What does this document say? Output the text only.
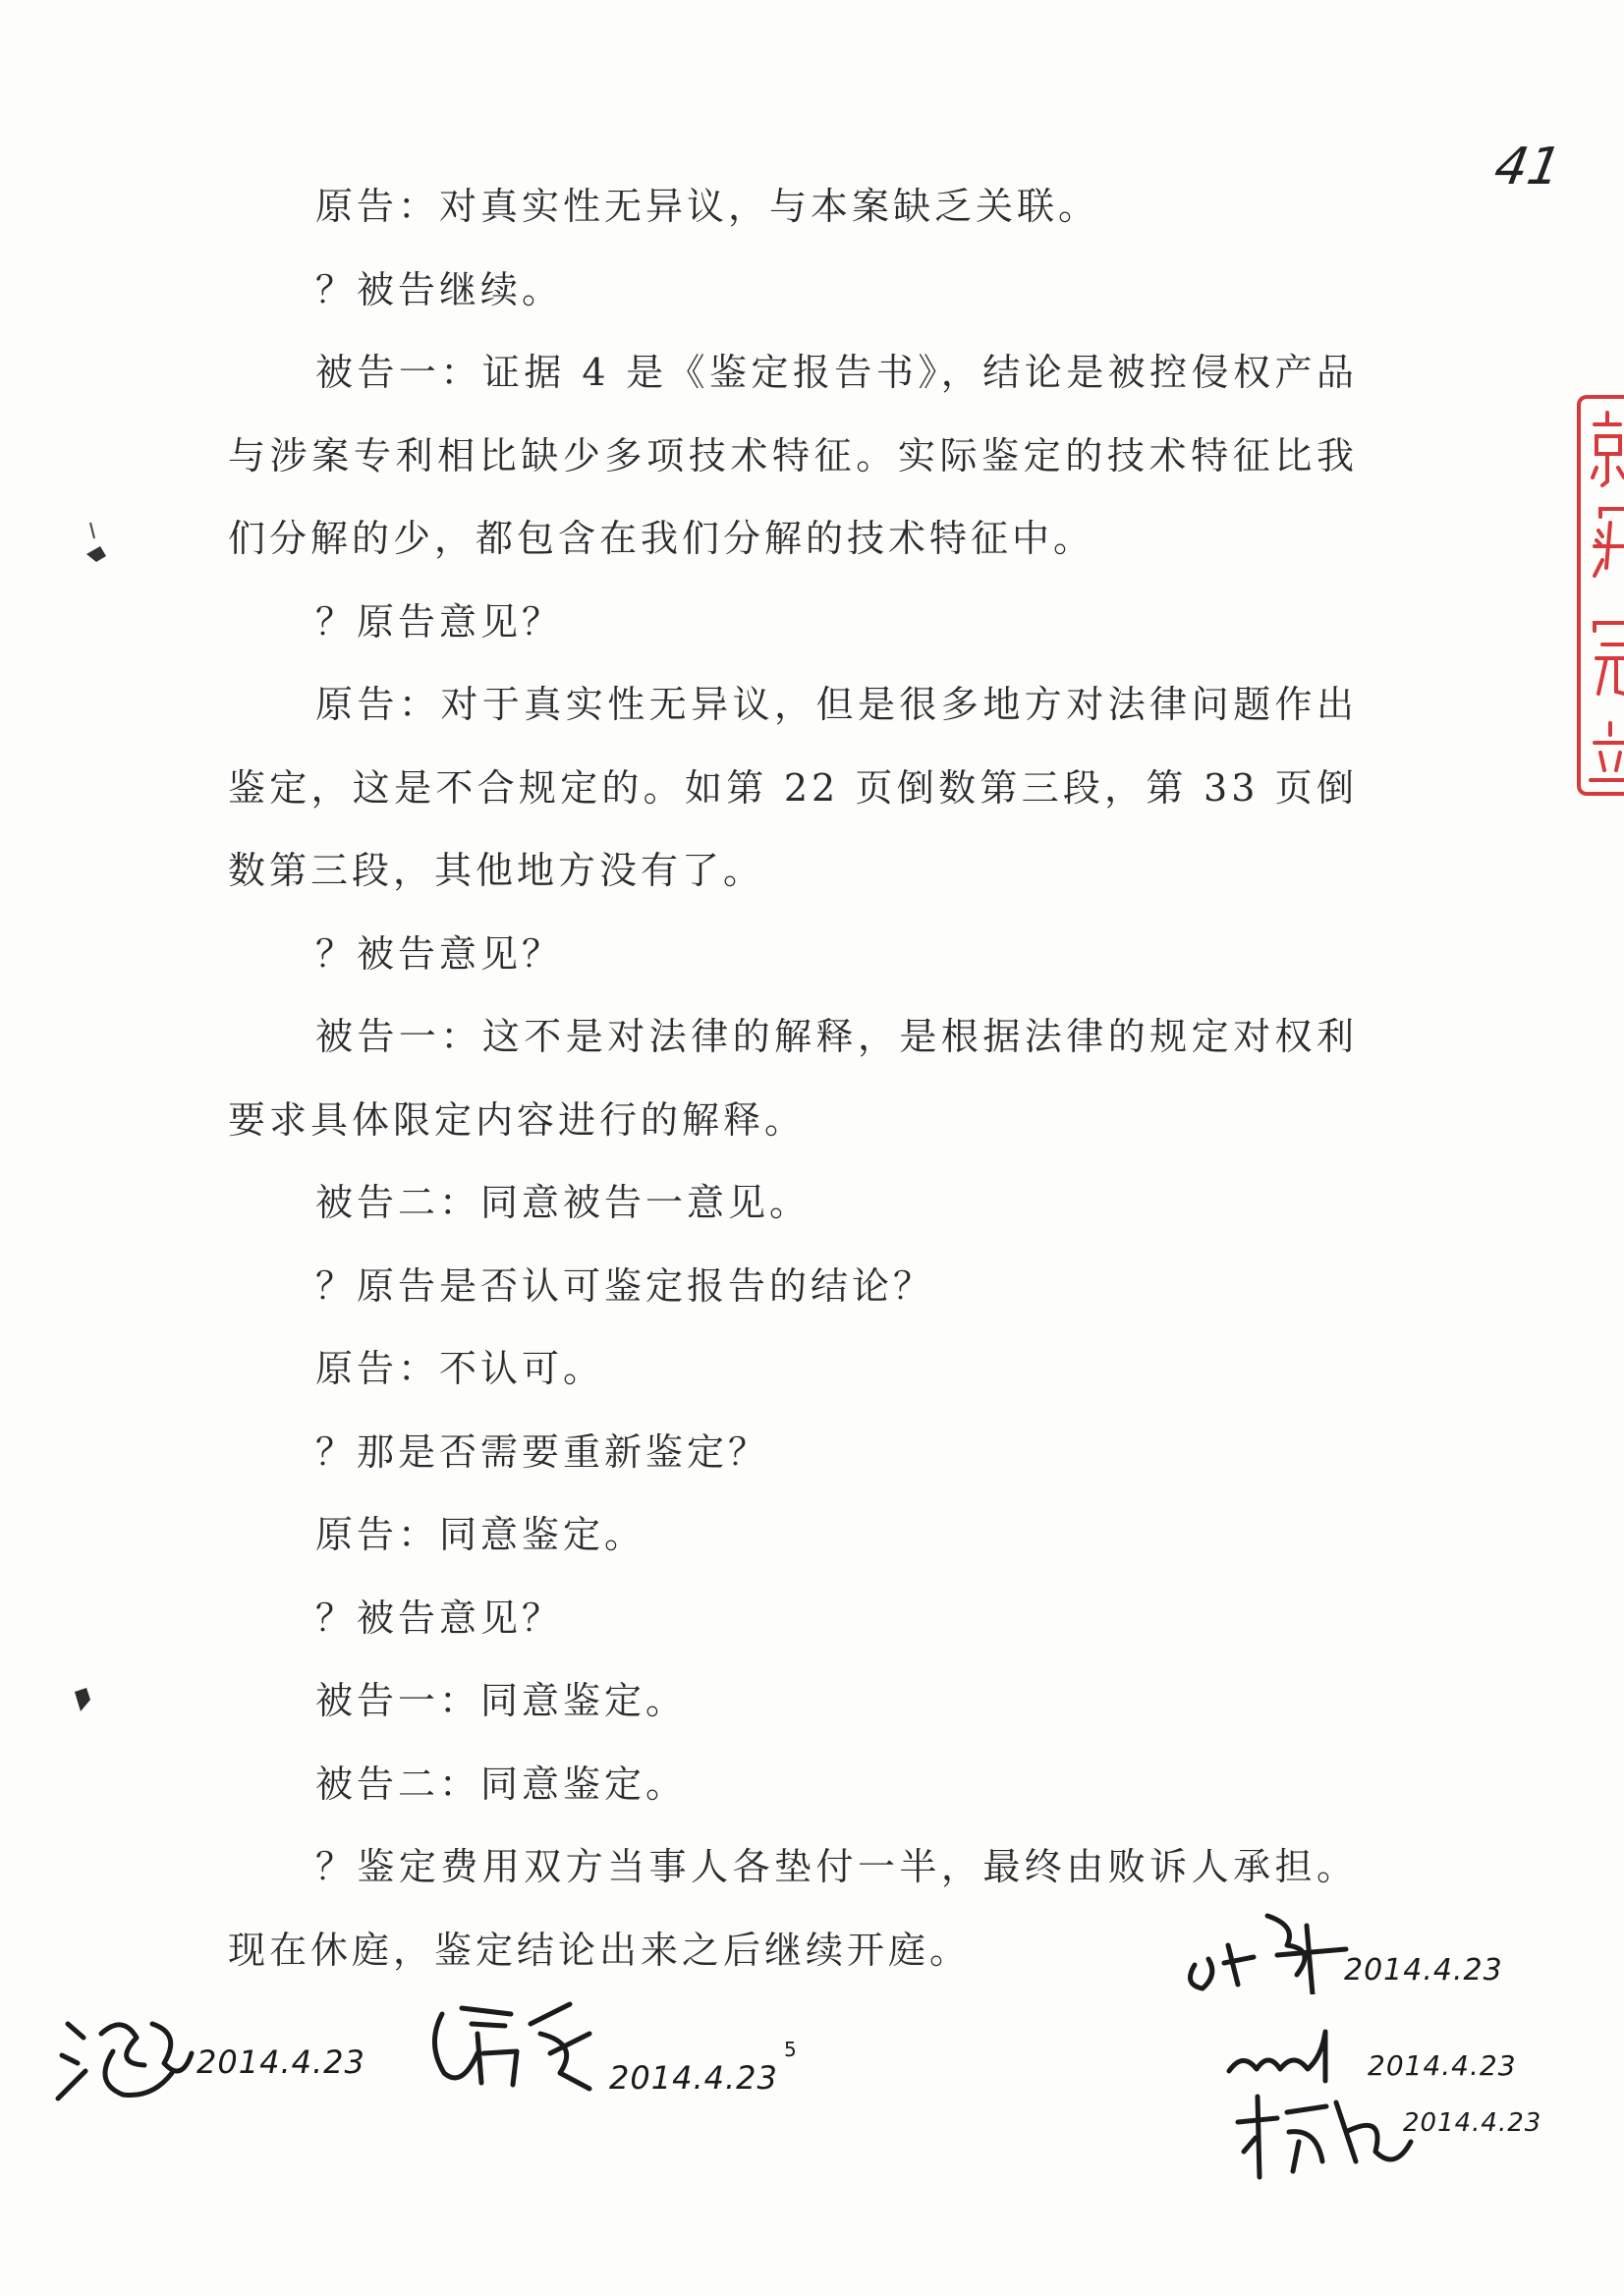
41

原告：对真实性无异议，与本案缺乏关联。

？被告继续。

被告一：证据 4 是《鉴定报告书》，结论是被控侵权产品与涉案专利相比缺少多项技术特征。实际鉴定的技术特征比我们分解的少，都包含在我们分解的技术特征中。

？原告意见？

原告：对于真实性无异议，但是很多地方对法律问题作出鉴定，这是不合规定的。如第 22 页倒数第三段，第 33 页倒数第三段，其他地方没有了。

？被告意见？

被告一：这不是对法律的解释，是根据法律的规定对权利要求具体限定内容进行的解释。

被告二：同意被告一意见。

？原告是否认可鉴定报告的结论？

原告：不认可。

？那是否需要重新鉴定？

原告：同意鉴定。

？被告意见？

被告一：同意鉴定。

被告二：同意鉴定。

？鉴定费用双方当事人各垫付一半，最终由败诉人承担。现在休庭，鉴定结论出来之后继续开庭。

2014.4.23	2014.4.23
5
2014.4.23
2014.4.23
2014.4.23
